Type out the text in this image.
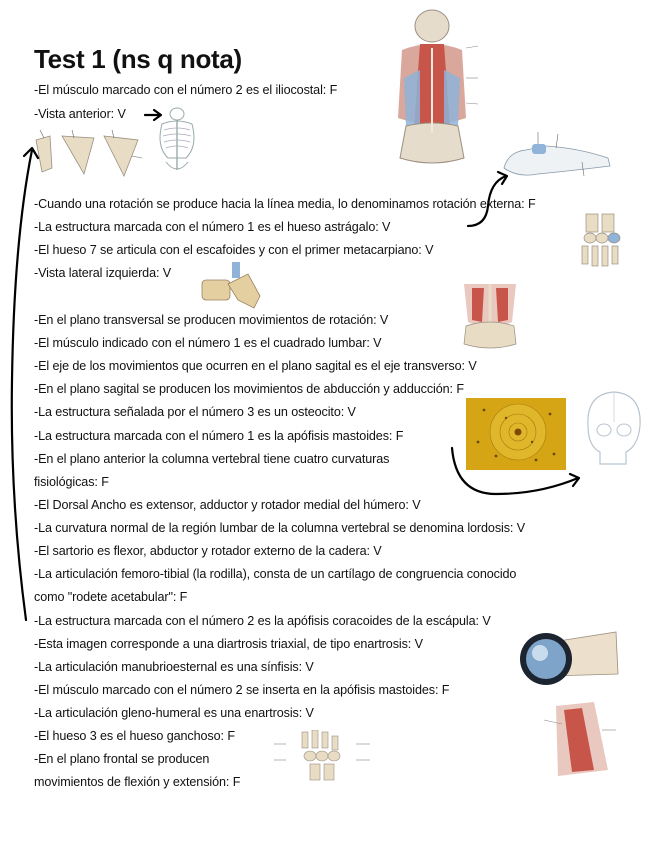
Test 1 (ns q nota)
-El músculo marcado con el número 2 es el iliocostal: F
-Vista anterior: V
-Cuando una rotación se produce hacia la línea media, lo denominamos rotación externa: F
-La estructura marcada con el número 1 es el hueso astrágalo: V
-El hueso 7 se articula con el escafoides y con el primer metacarpiano: V
-Vista lateral izquierda: V
-En el plano transversal se producen movimientos de rotación: V
-El músculo indicado con el número 1 es el cuadrado lumbar: V
-El eje de los movimientos que ocurren en el plano sagital es el eje transverso: V
-En el plano sagital se producen los movimientos de abducción y adducción: F
-La estructura señalada por el número 3 es un osteocito: V
-La estructura marcada con el número 1 es la apófisis mastoides: F
-En el plano anterior la columna vertebral tiene cuatro curvaturas
fisiológicas: F
-El Dorsal Ancho es extensor, adductor y rotador medial del húmero: V
-La curvatura normal de la región lumbar de la columna vertebral se denomina lordosis: V
-El sartorio es flexor, abductor y rotador externo de la cadera: V
-La articulación femoro-tibial (la rodilla), consta de un cartílago de congruencia conocido
como "rodete acetabular": F
-La estructura marcada con el número 2 es la apófisis coracoides de la escápula: V
-Esta imagen corresponde a una diartrosis triaxial, de tipo enartrosis: V
-La articulación manubrioesternal es una sínfisis: V
-El músculo marcado con el número 2 se inserta en la apófisis mastoides: F
-La articulación gleno-humeral es una enartrosis: V
-El hueso 3 es el hueso ganchoso: F
-En el plano frontal se producen
movimientos de flexión y extensión: F
